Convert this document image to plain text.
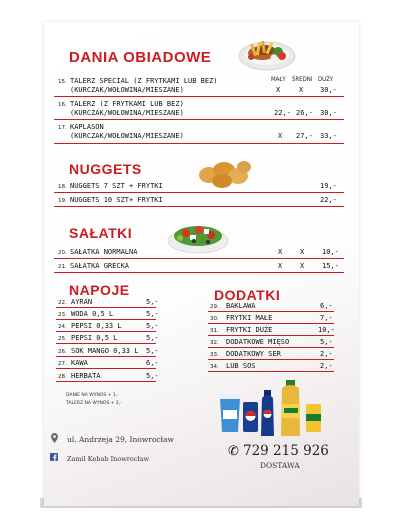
DANIA OBIADOWE
MAŁY ŚREDNI DUŻY
15. TALERZ SPECIAL (Z FRYTKAMI LUB BEZ)
(KURCZAK/WOŁOWINA/MIESZANE)	X	X 30,-
16. TALERZ (Z FRYTKAMI LUB BEZ)
(KURCZAK/WOŁOWINA/MIESZANE)	22,- 26,- 30,-
17. KAPLASON
(KURCZAK/WOŁOWINA/MIESZANE)	X 27,- 33,-
NUGGETS
18. NUGGETS 7 SZT + FRYTKI	19,-
19. NUGGETS 10 SZT+ FRYTKI	22,-
SAŁATKI
20. SAŁATKA NORMALNA	X	X	10,-
21. SAŁATKA GRECKA	X	X	15,-
NAPOJE
22. AYRAN	5,-
23. WODA 0,5 L	5,-
24. PEPSI 0,33 L	5,-
25. PEPSI 0,5 L	5,-
26. SOK MANGO 0,33 L 5,-
27. KAWA	6,-
28. HERBATA	5,-
DANIE NA WYNOS + 1,-
TALERZ NA WYNOS + 2,-
DODATKI
29. BAKLAWA	6,-
30. FRYTKI MAŁE	7,-
31. FRYTKI DUŻE	10,-
32. DODATKOWE MIĘSO	5,-
33. DODATKOWY SER	2,-
34. LUB SOS	2,-
ul. Andrzeja 29, Inowrocław
Zamil Kebab Inowrocław	✆ 729 215 926
DOSTAWA
